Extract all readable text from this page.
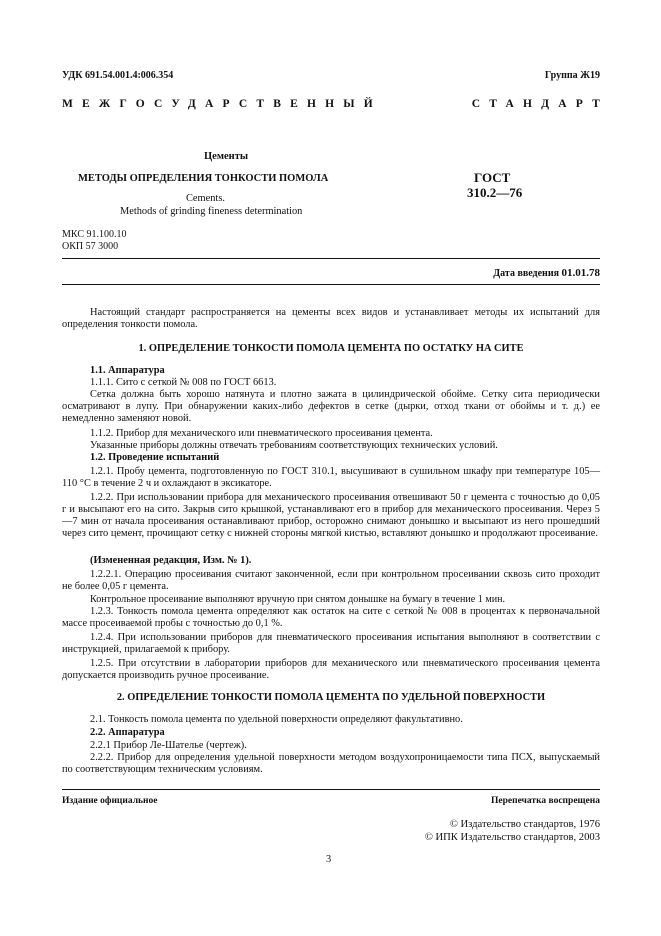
УДК 691.54.001.4:006.354	Группа Ж19
МЕЖГОСУДАРСТВЕННЫЙ	СТАНДАРТ
Цементы
МЕТОДЫ ОПРЕДЕЛЕНИЯ ТОНКОСТИ ПОМОЛА
Cements.
Methods of grinding fineness determination
ГОСТ
310.2—76
МКС 91.100.10
ОКП 57 3000
Дата введения 01.01.78
Настоящий стандарт распространяется на цементы всех видов и устанавливает методы их испытаний для определения тонкости помола.
1. ОПРЕДЕЛЕНИЕ ТОНКОСТИ ПОМОЛА ЦЕМЕНТА ПО ОСТАТКУ НА СИТЕ
1.1. Аппаратура
1.1.1. Сито с сеткой № 008 по ГОСТ 6613.
Сетка должна быть хорошо натянута и плотно зажата в цилиндрической обойме. Сетку сита периодически осматривают в лупу. При обнаружении каких-либо дефектов в сетке (дырки, отход ткани от обоймы и т. д.) ее немедленно заменяют новой.
1.1.2. Прибор для механического или пневматического просеивания цемента.
Указанные приборы должны отвечать требованиям соответствующих технических условий.
1.2. Проведение испытаний
1.2.1. Пробу цемента, подготовленную по ГОСТ 310.1, высушивают в сушильном шкафу при температуре 105—110 °С в течение 2 ч и охлаждают в эксикаторе.
1.2.2. При использовании прибора для механического просеивания отвешивают 50 г цемента с точностью до 0,05 г и высыпают его на сито. Закрыв сито крышкой, устанавливают его в прибор для механического просеивания. Через 5—7 мин от начала просеивания останавливают прибор, осторожно снимают донышко и высыпают из него прошедший через сито цемент, прочищают сетку с нижней стороны мягкой кистью, вставляют донышко и продолжают просеивание.
(Измененная редакция, Изм. № 1).
1.2.2.1. Операцию просеивания считают законченной, если при контрольном просеивании сквозь сито проходит не более 0,05 г цемента.
Контрольное просеивание выполняют вручную при снятом донышке на бумагу в течение 1 мин.
1.2.3. Тонкость помола цемента определяют как остаток на сите с сеткой № 008 в процентах к первоначальной массе просеиваемой пробы с точностью до 0,1 %.
1.2.4. При использовании приборов для пневматического просеивания испытания выполняют в соответствии с инструкцией, прилагаемой к прибору.
1.2.5. При отсутствии в лаборатории приборов для механического или пневматического просеивания цемента допускается производить ручное просеивание.
2. ОПРЕДЕЛЕНИЕ ТОНКОСТИ ПОМОЛА ЦЕМЕНТА ПО УДЕЛЬНОЙ ПОВЕРХНОСТИ
2.1. Тонкость помола цемента по удельной поверхности определяют факультативно.
2.2. Аппаратура
2.2.1 Прибор Ле-Шателье (чертеж).
2.2.2. Прибор для определения удельной поверхности методом воздухопроницаемости типа ПСХ, выпускаемый по соответствующим техническим условиям.
Издание официальное	Перепечатка воспрещена
© Издательство стандартов, 1976
© ИПК Издательство стандартов, 2003
3
